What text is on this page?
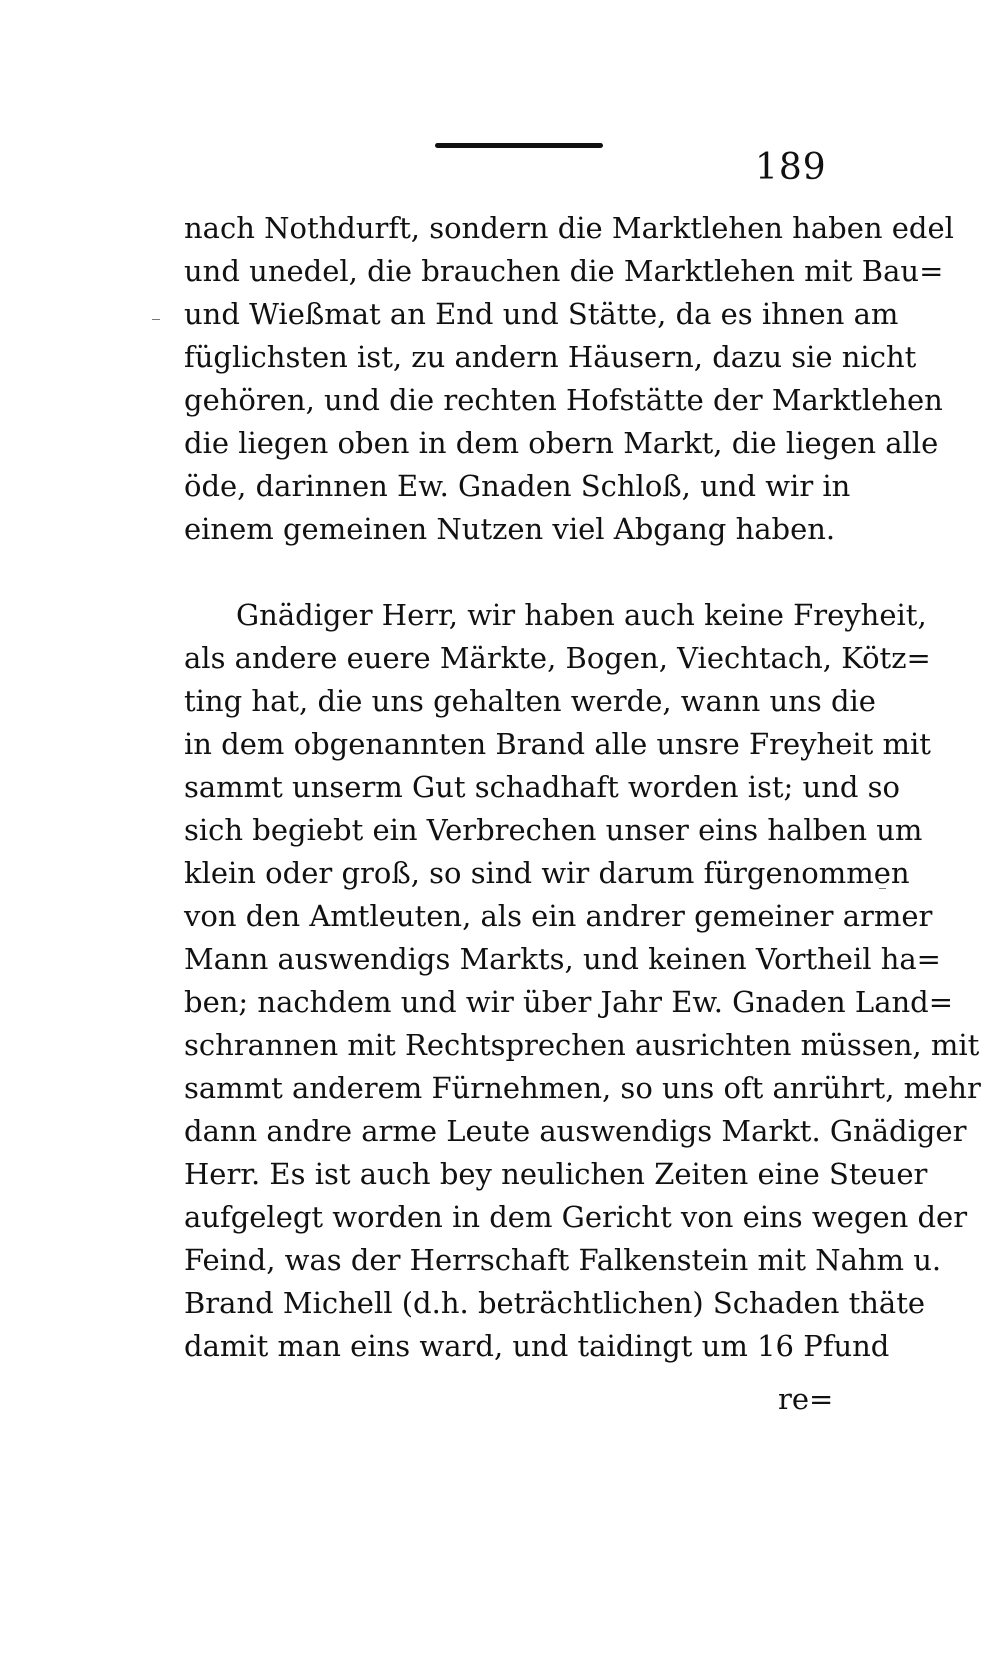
189
nach Nothdurft, sondern die Marktlehen haben edel
und unedel, die brauchen die Marktlehen mit Bau=
und Wießmat an End und Stätte, da es ihnen am
füglichsten ist, zu andern Häusern, dazu sie nicht
gehören, und die rechten Hofstätte der Marktlehen
die liegen oben in dem obern Markt, die liegen alle
öde, darinnen Ew. Gnaden Schloß, und wir in
einem gemeinen Nutzen viel Abgang haben.
Gnädiger Herr, wir haben auch keine Freyheit,
als andere euere Märkte, Bogen, Viechtach, Kötz=
ting hat, die uns gehalten werde, wann uns die
in dem obgenannten Brand alle unsre Freyheit mit
sammt unserm Gut schadhaft worden ist; und so
sich begiebt ein Verbrechen unser eins halben um
klein oder groß, so sind wir darum fürgenommen
von den Amtleuten, als ein andrer gemeiner armer
Mann auswendigs Markts, und keinen Vortheil ha=
ben; nachdem und wir über Jahr Ew. Gnaden Land=
schrannen mit Rechtsprechen ausrichten müssen, mit
sammt anderem Fürnehmen, so uns oft anrührt, mehr
dann andre arme Leute auswendigs Markt. Gnädiger
Herr. Es ist auch bey neulichen Zeiten eine Steuer
aufgelegt worden in dem Gericht von eins wegen der
Feind, was der Herrschaft Falkenstein mit Nahm u.
Brand Michell (d.h. beträchtlichen) Schaden thäte
damit man eins ward, und taidingt um 16 Pfund
re=
